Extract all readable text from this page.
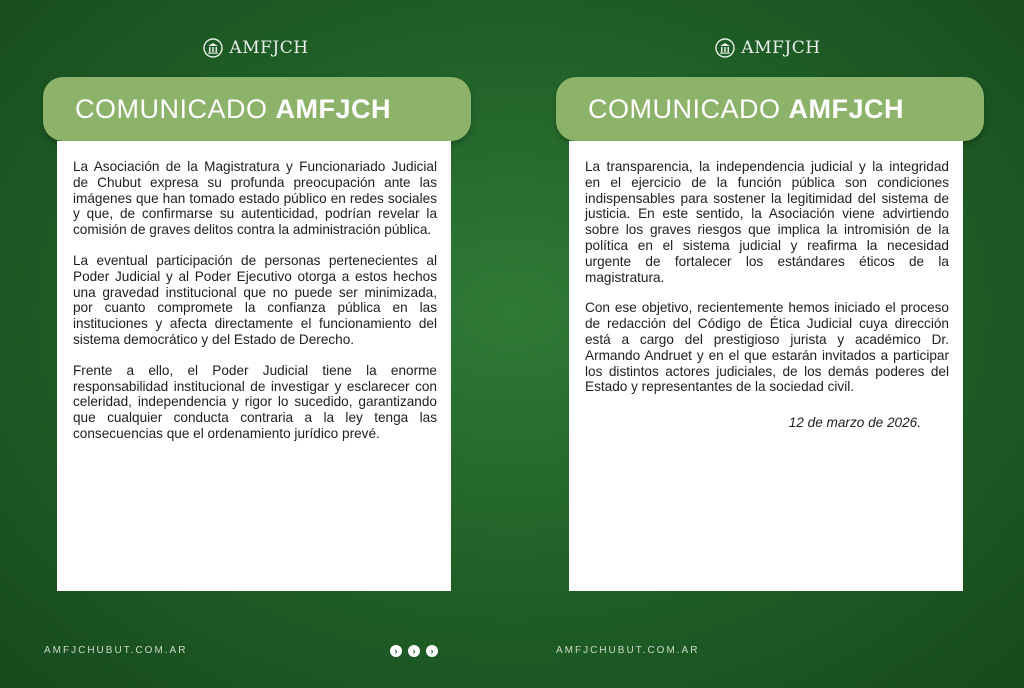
AMFJCH
COMUNICADO AMFJCH

La Asociación de la Magistratura y Funcionariado Judicial de Chubut expresa su profunda preocupación ante las imágenes que han tomado estado público en redes sociales y que, de confirmarse su autenticidad, podrían revelar la comisión de graves delitos contra la administración pública.

La eventual participación de personas pertenecientes al Poder Judicial y al Poder Ejecutivo otorga a estos hechos una gravedad institucional que no puede ser minimizada, por cuanto compromete la confianza pública en las instituciones y afecta directamente el funcionamiento del sistema democrático y del Estado de Derecho.

Frente a ello, el Poder Judicial tiene la enorme responsabilidad institucional de investigar y esclarecer con celeridad, independencia y rigor lo sucedido, garantizando que cualquier conducta contraria a la ley tenga las consecuencias que el ordenamiento jurídico prevé.

AMFJCHUBUT.COM.AR	›	›	›
AMFJCH
COMUNICADO AMFJCH

La transparencia, la independencia judicial y la integridad en el ejercicio de la función pública son condiciones indispensables para sostener la legitimidad del sistema de justicia. En este sentido, la Asociación viene advirtiendo sobre los graves riesgos que implica la intromisión de la política en el sistema judicial y reafirma la necesidad urgente de fortalecer los estándares éticos de la magistratura.

Con ese objetivo, recientemente hemos iniciado el proceso de redacción del Código de Ética Judicial cuya dirección está a cargo del prestigioso jurista y académico Dr. Armando Andruet y en el que estarán invitados a participar los distintos actores judiciales, de los demás poderes del Estado y representantes de la sociedad civil.

12 de marzo de 2026.

AMFJCHUBUT.COM.AR
